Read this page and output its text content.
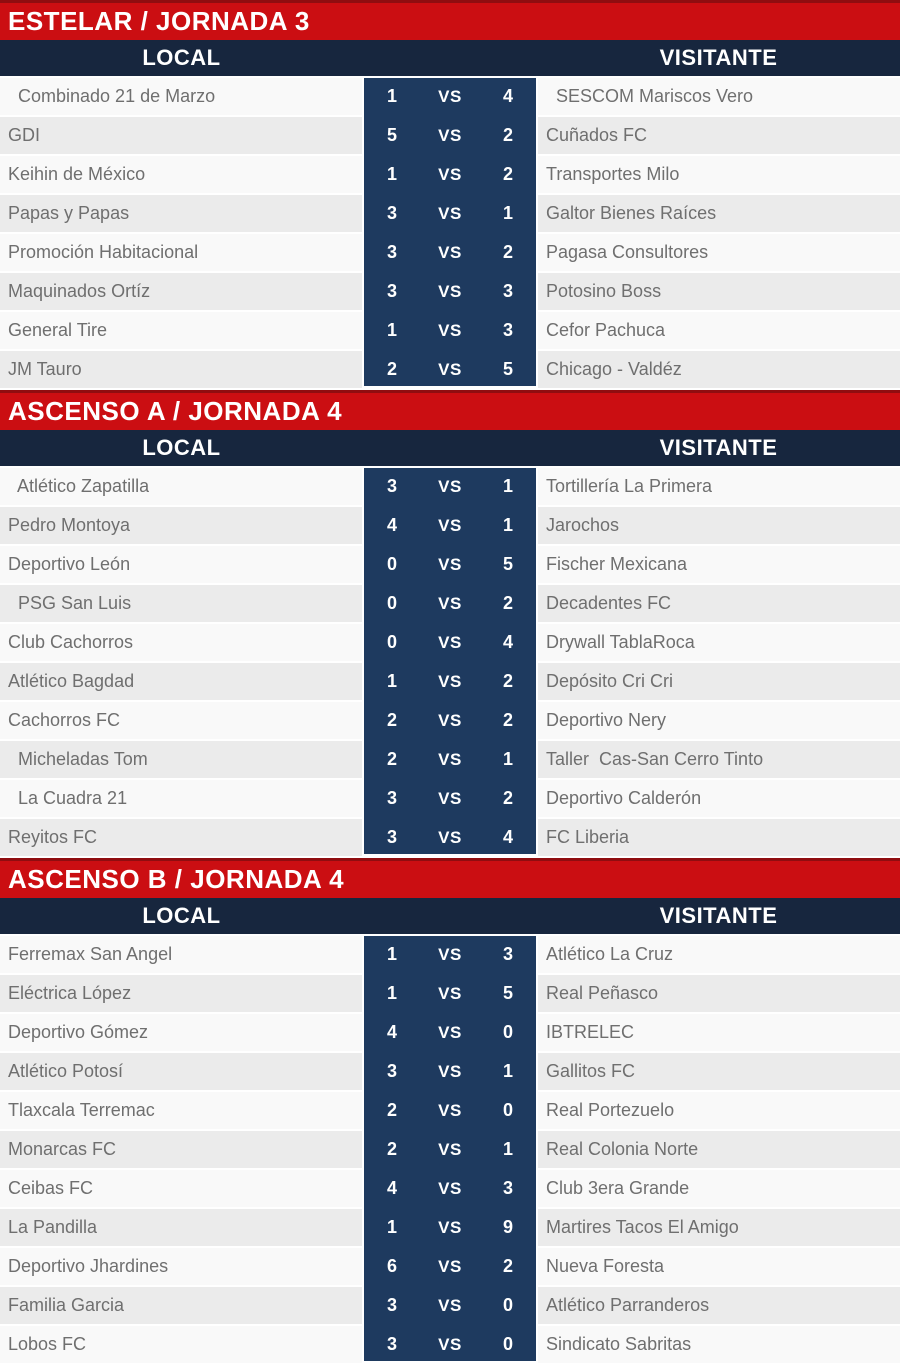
ESTELAR / JORNADA 3
LOCAL	VISITANTE
Combinado 21 de Marzo	1 VS 4 SESCOM Mariscos Vero
GDI	5 VS 2 Cuñados FC
Keihin de México	1 VS 2 Transportes Milo
Papas y Papas	3 VS 1 Galtor Bienes Raíces
Promoción Habitacional	3 VS 2 Pagasa Consultores
Maquinados Ortíz	3 VS 3 Potosino Boss
General Tire	1 VS 3 Cefor Pachuca
JM Tauro	2 VS 5 Chicago - Valdéz
ASCENSO A / JORNADA 4
LOCAL	VISITANTE
Atlético Zapatilla	3 VS 1 Tortillería La Primera
Pedro Montoya	4 VS 1 Jarochos
Deportivo León	0 VS 5 Fischer Mexicana
PSG San Luis	0 VS 2 Decadentes FC
Club Cachorros	0 VS 4 Drywall TablaRoca
Atlético Bagdad	1 VS 2 Depósito Cri Cri
Cachorros FC	2 VS 2 Deportivo Nery
Micheladas Tom	2 VS 1 Taller  Cas-San Cerro Tinto
La Cuadra 21	3 VS 2 Deportivo Calderón
Reyitos FC	3 VS 4 FC Liberia
ASCENSO B / JORNADA 4
LOCAL	VISITANTE
Ferremax San Angel	1 VS 3 Atlético La Cruz
Eléctrica López	1 VS 5 Real Peñasco
Deportivo Gómez	4 VS 0 IBTRELEC
Atlético Potosí	3 VS 1 Gallitos FC
Tlaxcala Terremac	2 VS 0 Real Portezuelo
Monarcas FC	2 VS 1 Real Colonia Norte
Ceibas FC	4 VS 3 Club 3era Grande
La Pandilla	1 VS 9 Martires Tacos El Amigo
Deportivo Jhardines	6 VS 2 Nueva Foresta
Familia Garcia	3 VS 0 Atlético Parranderos
Lobos FC	3 VS 0 Sindicato Sabritas
